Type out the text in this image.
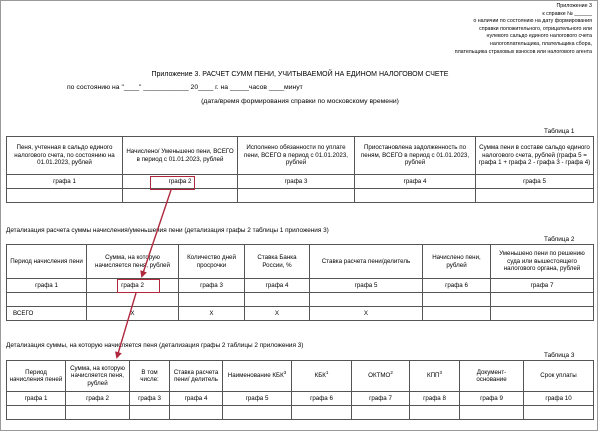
Приложение 3
к справке № ______
о наличии по состоянию на дату формирования
справки положительного, отрицательного или
нулевого сальдо единого налогового счета
налогоплательщика, плательщика сбора,
плательщика страховых взносов или налогового агента
Приложение 3. РАСЧЕТ СУММ ПЕНИ, УЧИТЫВАЕМОЙ НА ЕДИНОМ НАЛОГОВОМ СЧЕТЕ
по состоянию на "____" ____________ 20____ г. на _____часов ____минут
(дата/время формирования справки по московскому времени)
Таблица 1
Пеня, учтенная в сальдо единого налогового счета, по состоянию на 01.01.2023, рублей	Начислено/ Уменьшено пени, ВСЕГО в период с 01.01.2023, рублей	Исполнено обязанности по уплате пени, ВСЕГО в период с 01.01.2023, рублей	Приостановлена задолженность по пеням, ВСЕГО в период с 01.01.2023, рублей	Сумма пени в составе сальдо единого налогового счета, рублей (графа 5 = графа 1 + графа 2 - графа 3 - графа 4)
графа 1	графа 2	графа 3	графа 4	графа 5

Детализация расчета суммы начисления/уменьшения пени (детализация графы 2 таблицы 1 приложения 3)
Таблица 2
Период начисления пени	Сумма, на которую начисляется пеня, рублей	Количество дней просрочки	Ставка Банка России, %	Ставка расчета пени/делитель	Начислено пени, рублей	Уменьшено пени по решению суда или вышестоящего налогового органа, рублей
графа 1	графа 2	графа 3	графа 4	графа 5	графа 6	графа 7

ВСЕГО	X	X	X	X		
Детализация суммы, на которую начисляется пеня (детализация графы 2 таблицы 2 приложения 3)
Таблица 3
Период начисления пеней	Сумма, на которую начисляется пеня, рублей	В том числе:	Ставка расчета пени/ делитель	Наименование КБК$^3$	КБК$^1$	ОКТМО$^2$	КПП$^3$	Документ-основание	Срок уплаты
графа 1	графа 2	графа 3	графа 4	графа 5	графа 6	графа 7	графа 8	графа 9	графа 10
